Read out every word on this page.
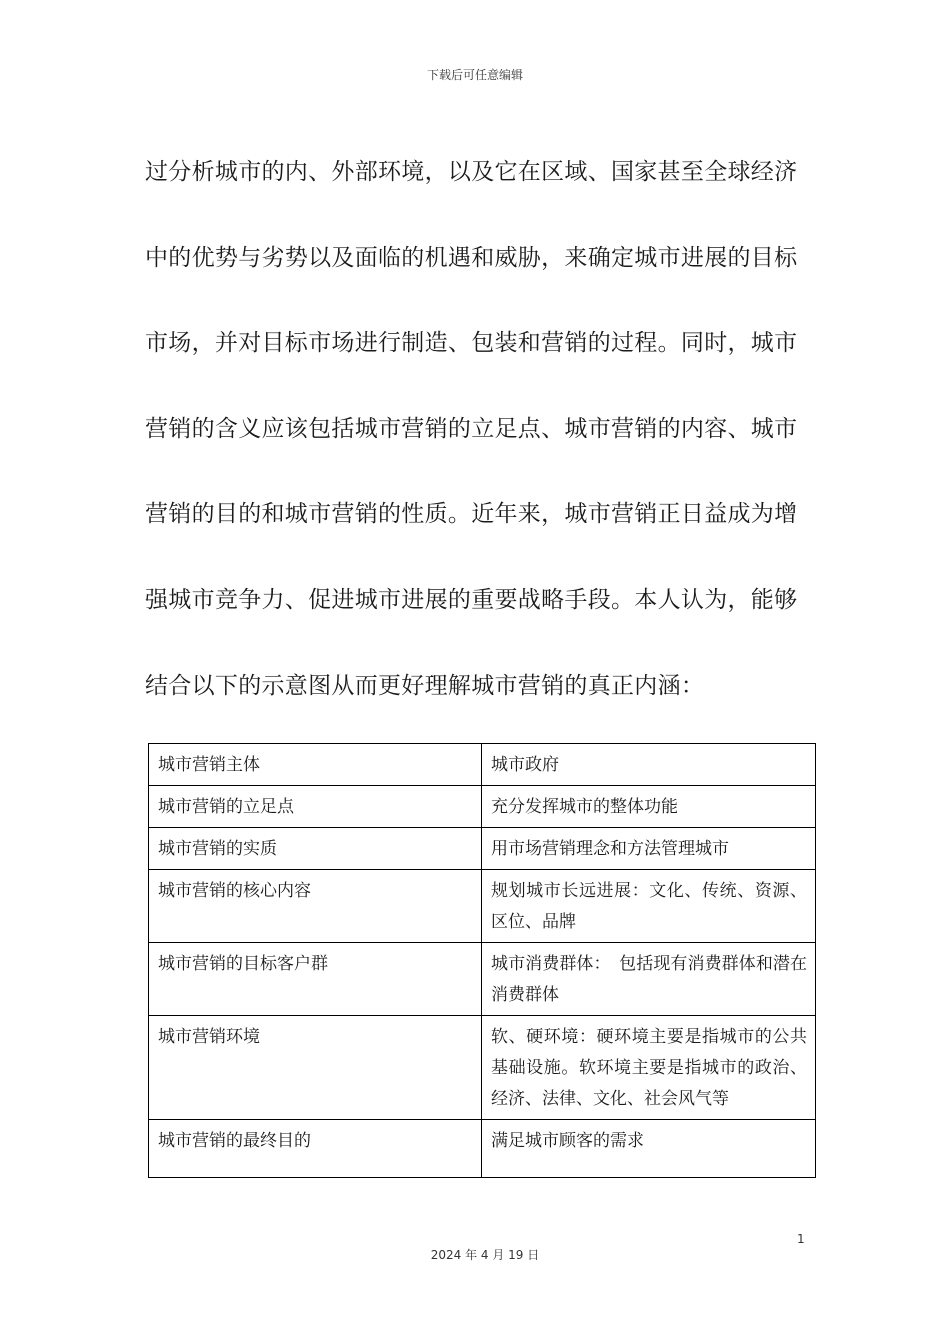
下载后可任意编辑

过分析城市的内、外部环境，以及它在区域、国家甚至全球经济
中的优势与劣势以及面临的机遇和威胁，来确定城市进展的目标
市场，并对目标市场进行制造、包装和营销的过程。同时，城市
营销的含义应该包括城市营销的立足点、城市营销的内容、城市
营销的目的和城市营销的性质。近年来，城市营销正日益成为增
强城市竞争力、促进城市进展的重要战略手段。本人认为，能够
结合以下的示意图从而更好理解城市营销的真正内涵：

城市营销主体	城市政府
城市营销的立足点	充分发挥城市的整体功能
城市营销的实质	用市场营销理念和方法管理城市
城市营销的核心内容	规划城市长远进展：文化、传统、资源、区位、品牌
城市营销的目标客户群	城市消费群体：　包括现有消费群体和潜在消费群体
城市营销环境	软、硬环境：硬环境主要是指城市的公共基础设施。软环境主要是指城市的政治、经济、法律、文化、社会风气等
城市营销的最终目的	满足城市顾客的需求
1
2024 年 4 月 19 日
